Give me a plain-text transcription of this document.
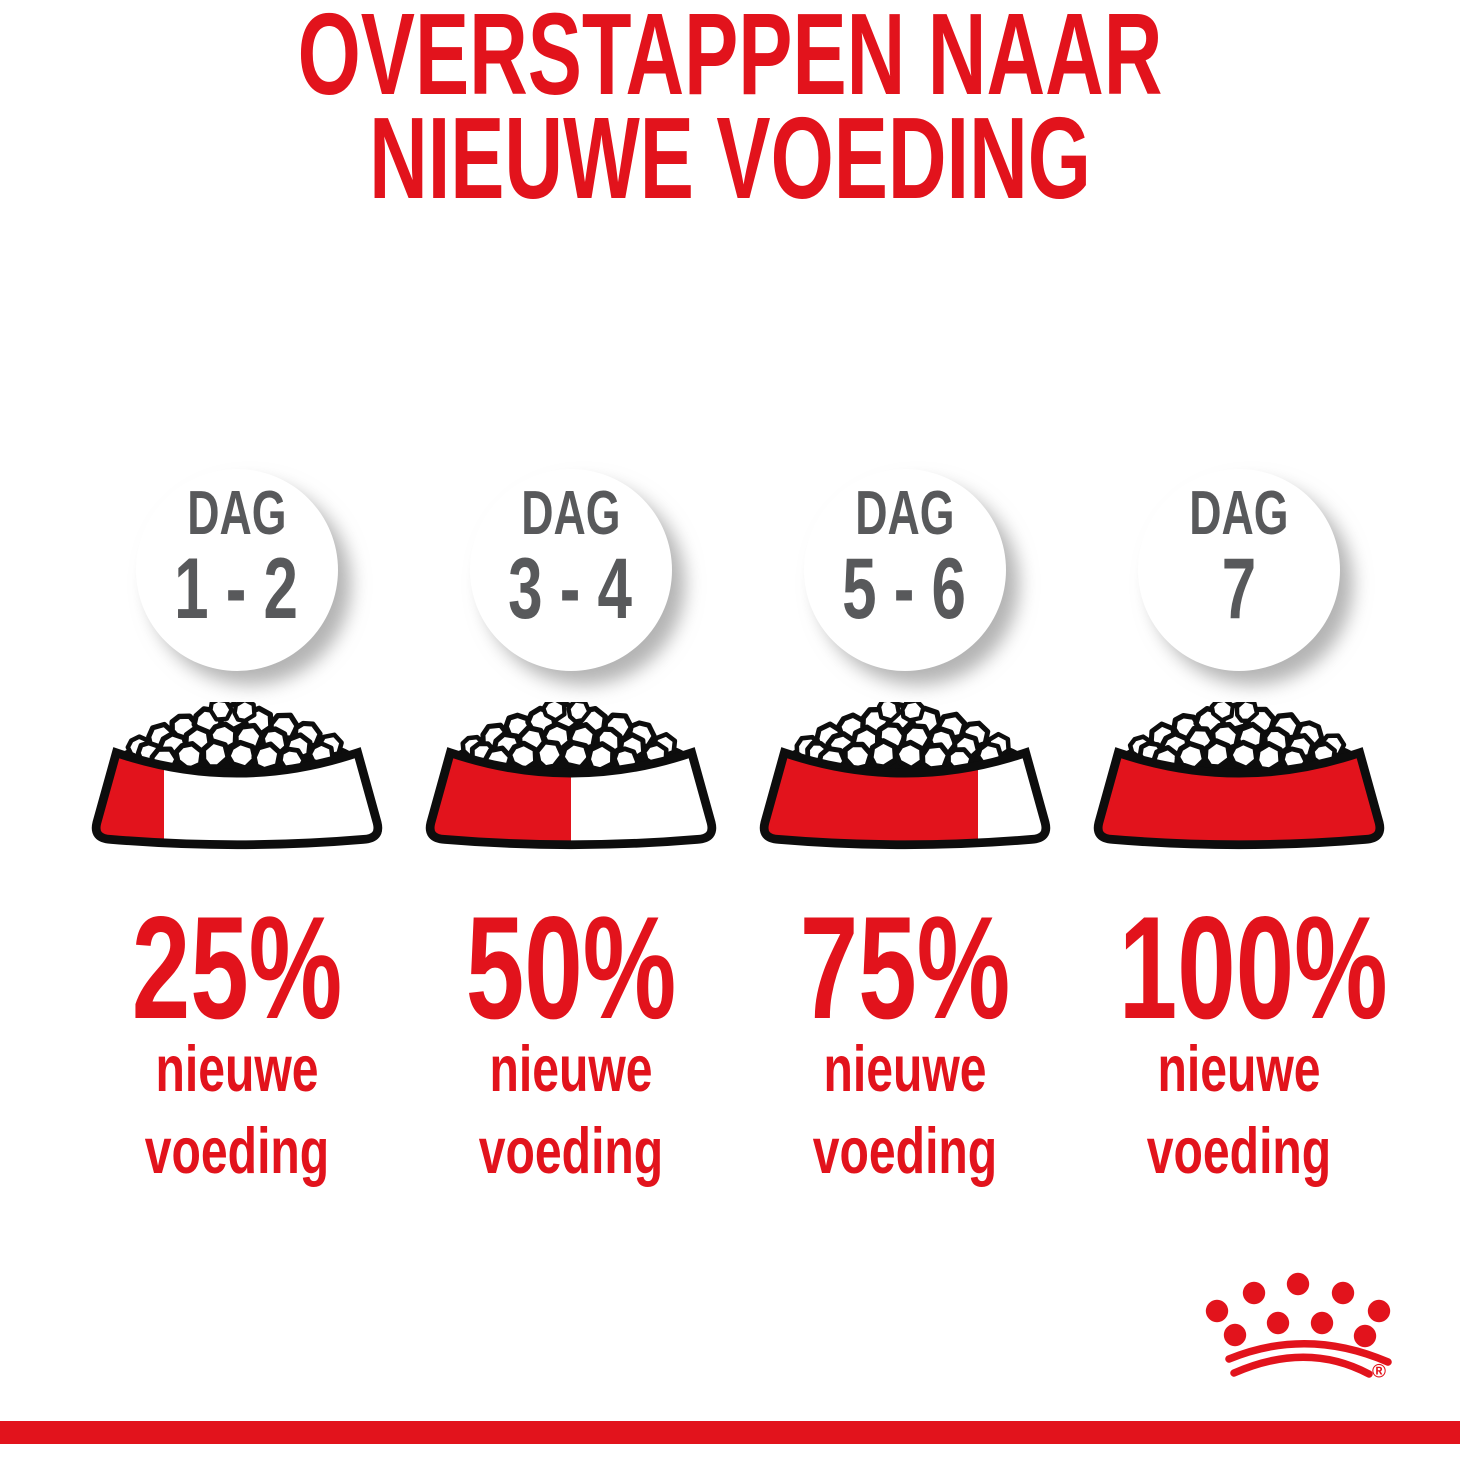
OVERSTAPPEN NAAR
NIEUWE VOEDING
DAG
1 - 2
25%
nieuwe
voeding
DAG
3 - 4
50%
nieuwe
voeding
DAG
5 - 6
75%
nieuwe
voeding
DAG
7
100%
nieuwe
voeding
®
